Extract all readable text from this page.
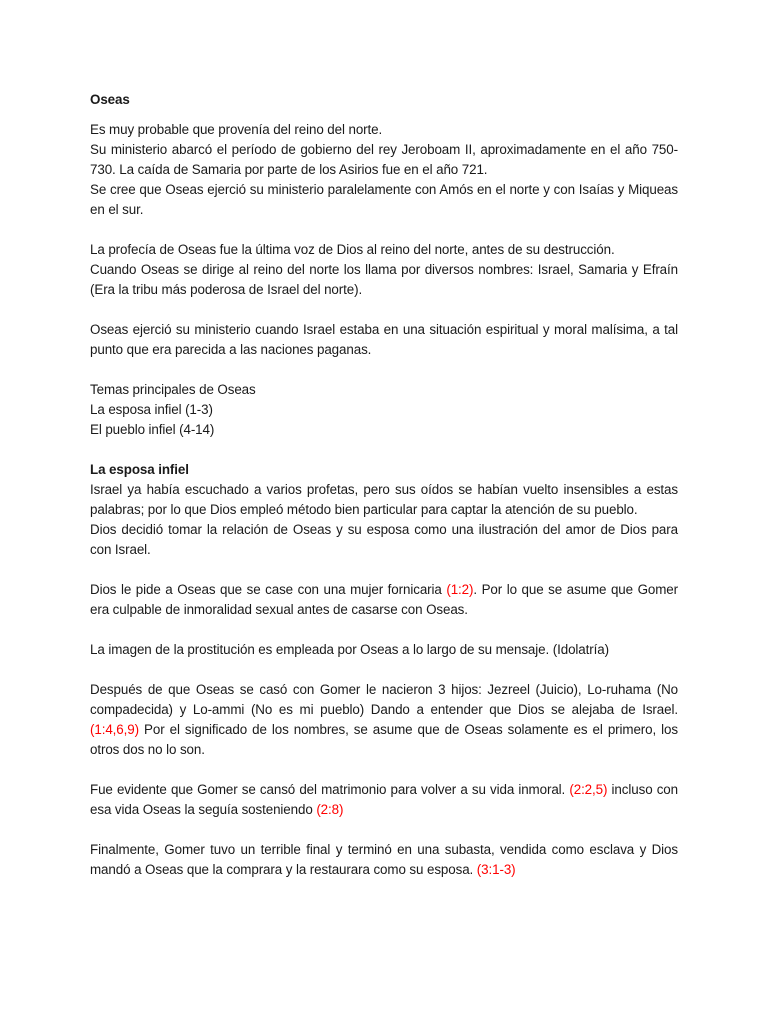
Oseas
Es muy probable que provenía del reino del norte.
Su ministerio abarcó el período de gobierno del rey Jeroboam II, aproximadamente en el año 750-730. La caída de Samaria por parte de los Asirios fue en el año 721.
Se cree que Oseas ejerció su ministerio paralelamente con Amós en el norte y con Isaías y Miqueas en el sur.
La profecía de Oseas fue la última voz de Dios al reino del norte, antes de su destrucción.
Cuando Oseas se dirige al reino del norte los llama por diversos nombres: Israel, Samaria y Efraín (Era la tribu más poderosa de Israel del norte).
Oseas ejerció su ministerio cuando Israel estaba en una situación espiritual y moral malísima, a tal punto que era parecida a las naciones paganas.
Temas principales de Oseas
La esposa infiel (1-3)
El pueblo infiel (4-14)
La esposa infiel
Israel ya había escuchado a varios profetas, pero sus oídos se habían vuelto insensibles a estas palabras; por lo que Dios empleó método bien particular para captar la atención de su pueblo.
Dios decidió tomar la relación de Oseas y su esposa como una ilustración del amor de Dios para con Israel.
Dios le pide a Oseas que se case con una mujer fornicaria (1:2). Por lo que se asume que Gomer era culpable de inmoralidad sexual antes de casarse con Oseas.
La imagen de la prostitución es empleada por Oseas a lo largo de su mensaje. (Idolatría)
Después de que Oseas se casó con Gomer le nacieron 3 hijos: Jezreel (Juicio), Lo-ruhama (No compadecida) y Lo-ammi (No es mi pueblo) Dando a entender que Dios se alejaba de Israel. (1:4,6,9) Por el significado de los nombres, se asume que de Oseas solamente es el primero, los otros dos no lo son.
Fue evidente que Gomer se cansó del matrimonio para volver a su vida inmoral. (2:2,5) incluso con esa vida Oseas la seguía sosteniendo (2:8)
Finalmente, Gomer tuvo un terrible final y terminó en una subasta, vendida como esclava y Dios mandó a Oseas que la comprara y la restaurara como su esposa. (3:1-3)
